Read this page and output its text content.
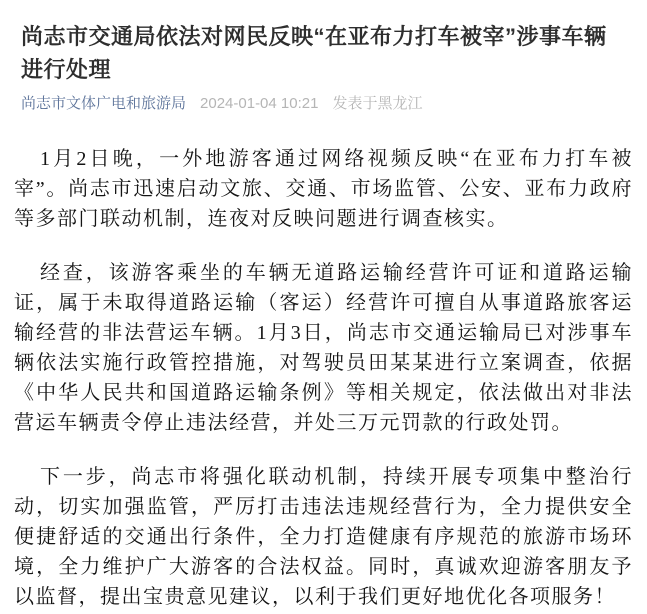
尚志市交通局依法对网民反映“在亚布力打车被宰”涉事车辆进行处理
尚志市文体广电和旅游局 2024-01-04 10:21 发表于黑龙江

1月2日晚，一外地游客通过网络视频反映“在亚布力打车被宰”。尚志市迅速启动文旅、交通、市场监管、公安、亚布力政府等多部门联动机制，连夜对反映问题进行调查核实。

经查，该游客乘坐的车辆无道路运输经营许可证和道路运输证，属于未取得道路运输（客运）经营许可擅自从事道路旅客运输经营的非法营运车辆。1月3日，尚志市交通运输局已对涉事车辆依法实施行政管控措施，对驾驶员田某某进行立案调查，依据《中华人民共和国道路运输条例》等相关规定，依法做出对非法营运车辆责令停止违法经营，并处三万元罚款的行政处罚。

下一步，尚志市将强化联动机制，持续开展专项集中整治行动，切实加强监管，严厉打击违法违规经营行为，全力提供安全便捷舒适的交通出行条件，全力打造健康有序规范的旅游市场环境，全力维护广大游客的合法权益。同时，真诚欢迎游客朋友予以监督，提出宝贵意见建议，以利于我们更好地优化各项服务！
